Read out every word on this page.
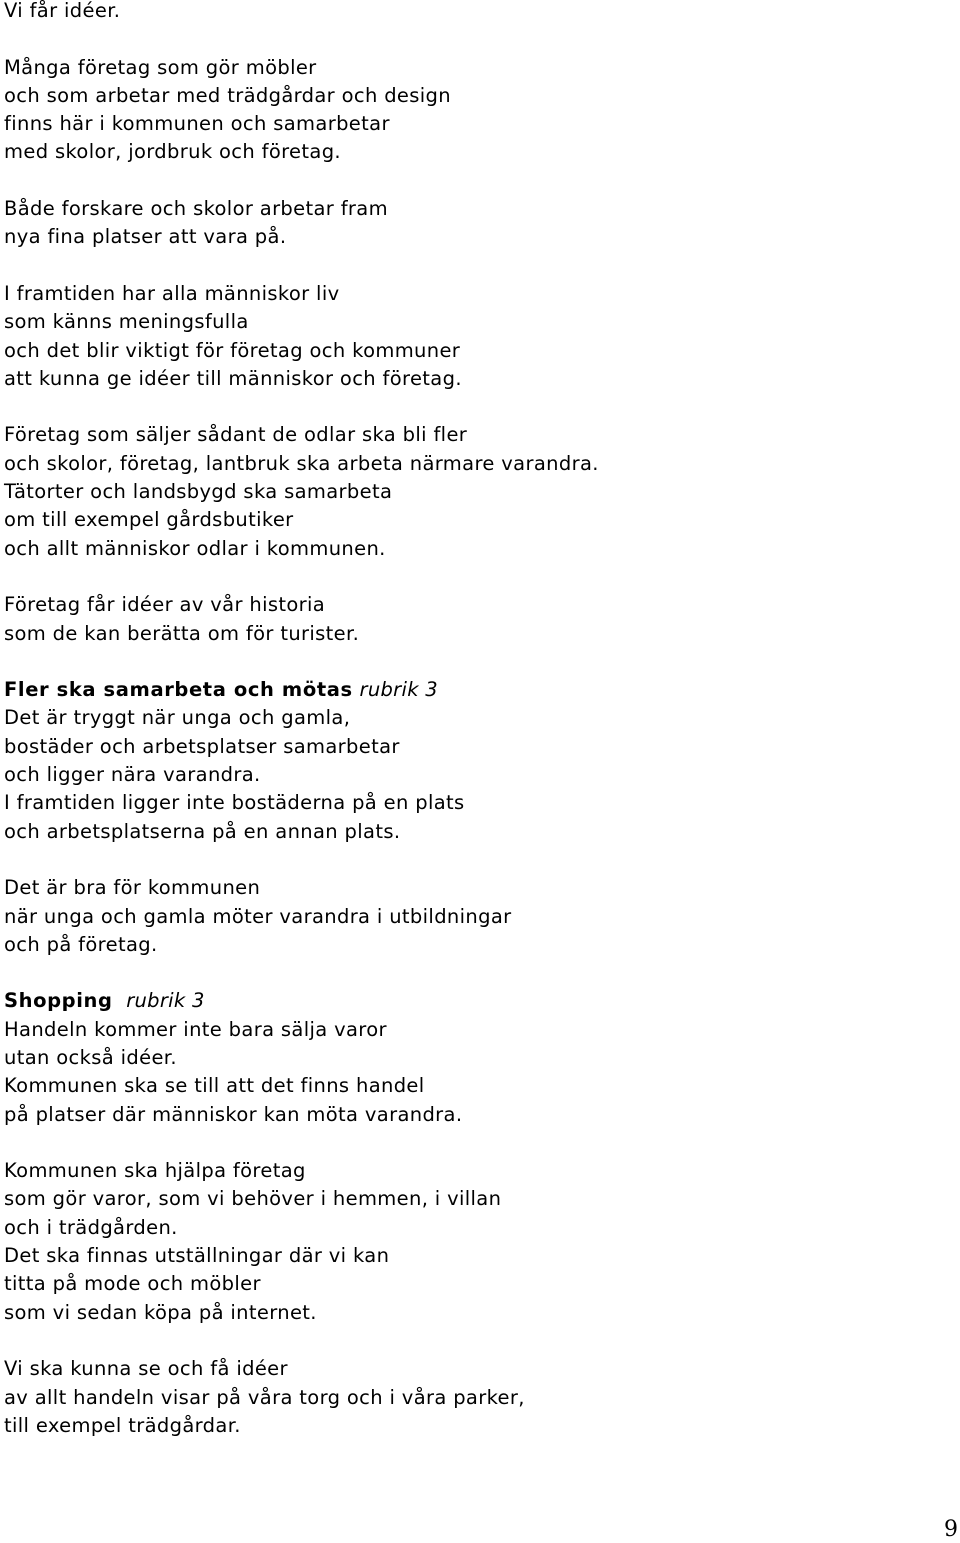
Vi får idéer.
Många företag som gör möbler
och som arbetar med trädgårdar och design
finns här i kommunen och samarbetar
med skolor, jordbruk och företag.
Både forskare och skolor arbetar fram
nya fina platser att vara på.
I framtiden har alla människor liv
som känns meningsfulla
och det blir viktigt för företag och kommuner
att kunna ge idéer till människor och företag.
Företag som säljer sådant de odlar ska bli fler
och skolor, företag, lantbruk ska arbeta närmare varandra.
Tätorter och landsbygd ska samarbeta
om till exempel gårdsbutiker
och allt människor odlar i kommunen.
Företag får idéer av vår historia
som de kan berätta om för turister.
Fler ska samarbeta och mötas rubrik 3
Det är tryggt när unga och gamla,
bostäder och arbetsplatser samarbetar
och ligger nära varandra.
I framtiden ligger inte bostäderna på en plats
och arbetsplatserna på en annan plats.
Det är bra för kommunen
när unga och gamla möter varandra i utbildningar
och på företag.
Shopping rubrik 3
Handeln kommer inte bara sälja varor
utan också idéer.
Kommunen ska se till att det finns handel
på platser där människor kan möta varandra.
Kommunen ska hjälpa företag
som gör varor, som vi behöver i hemmen, i villan
och i trädgården.
Det ska finnas utställningar där vi kan
titta på mode och möbler
som vi sedan köpa på internet.
Vi ska kunna se och få idéer
av allt handeln visar på våra torg och i våra parker,
till exempel trädgårdar.
9
